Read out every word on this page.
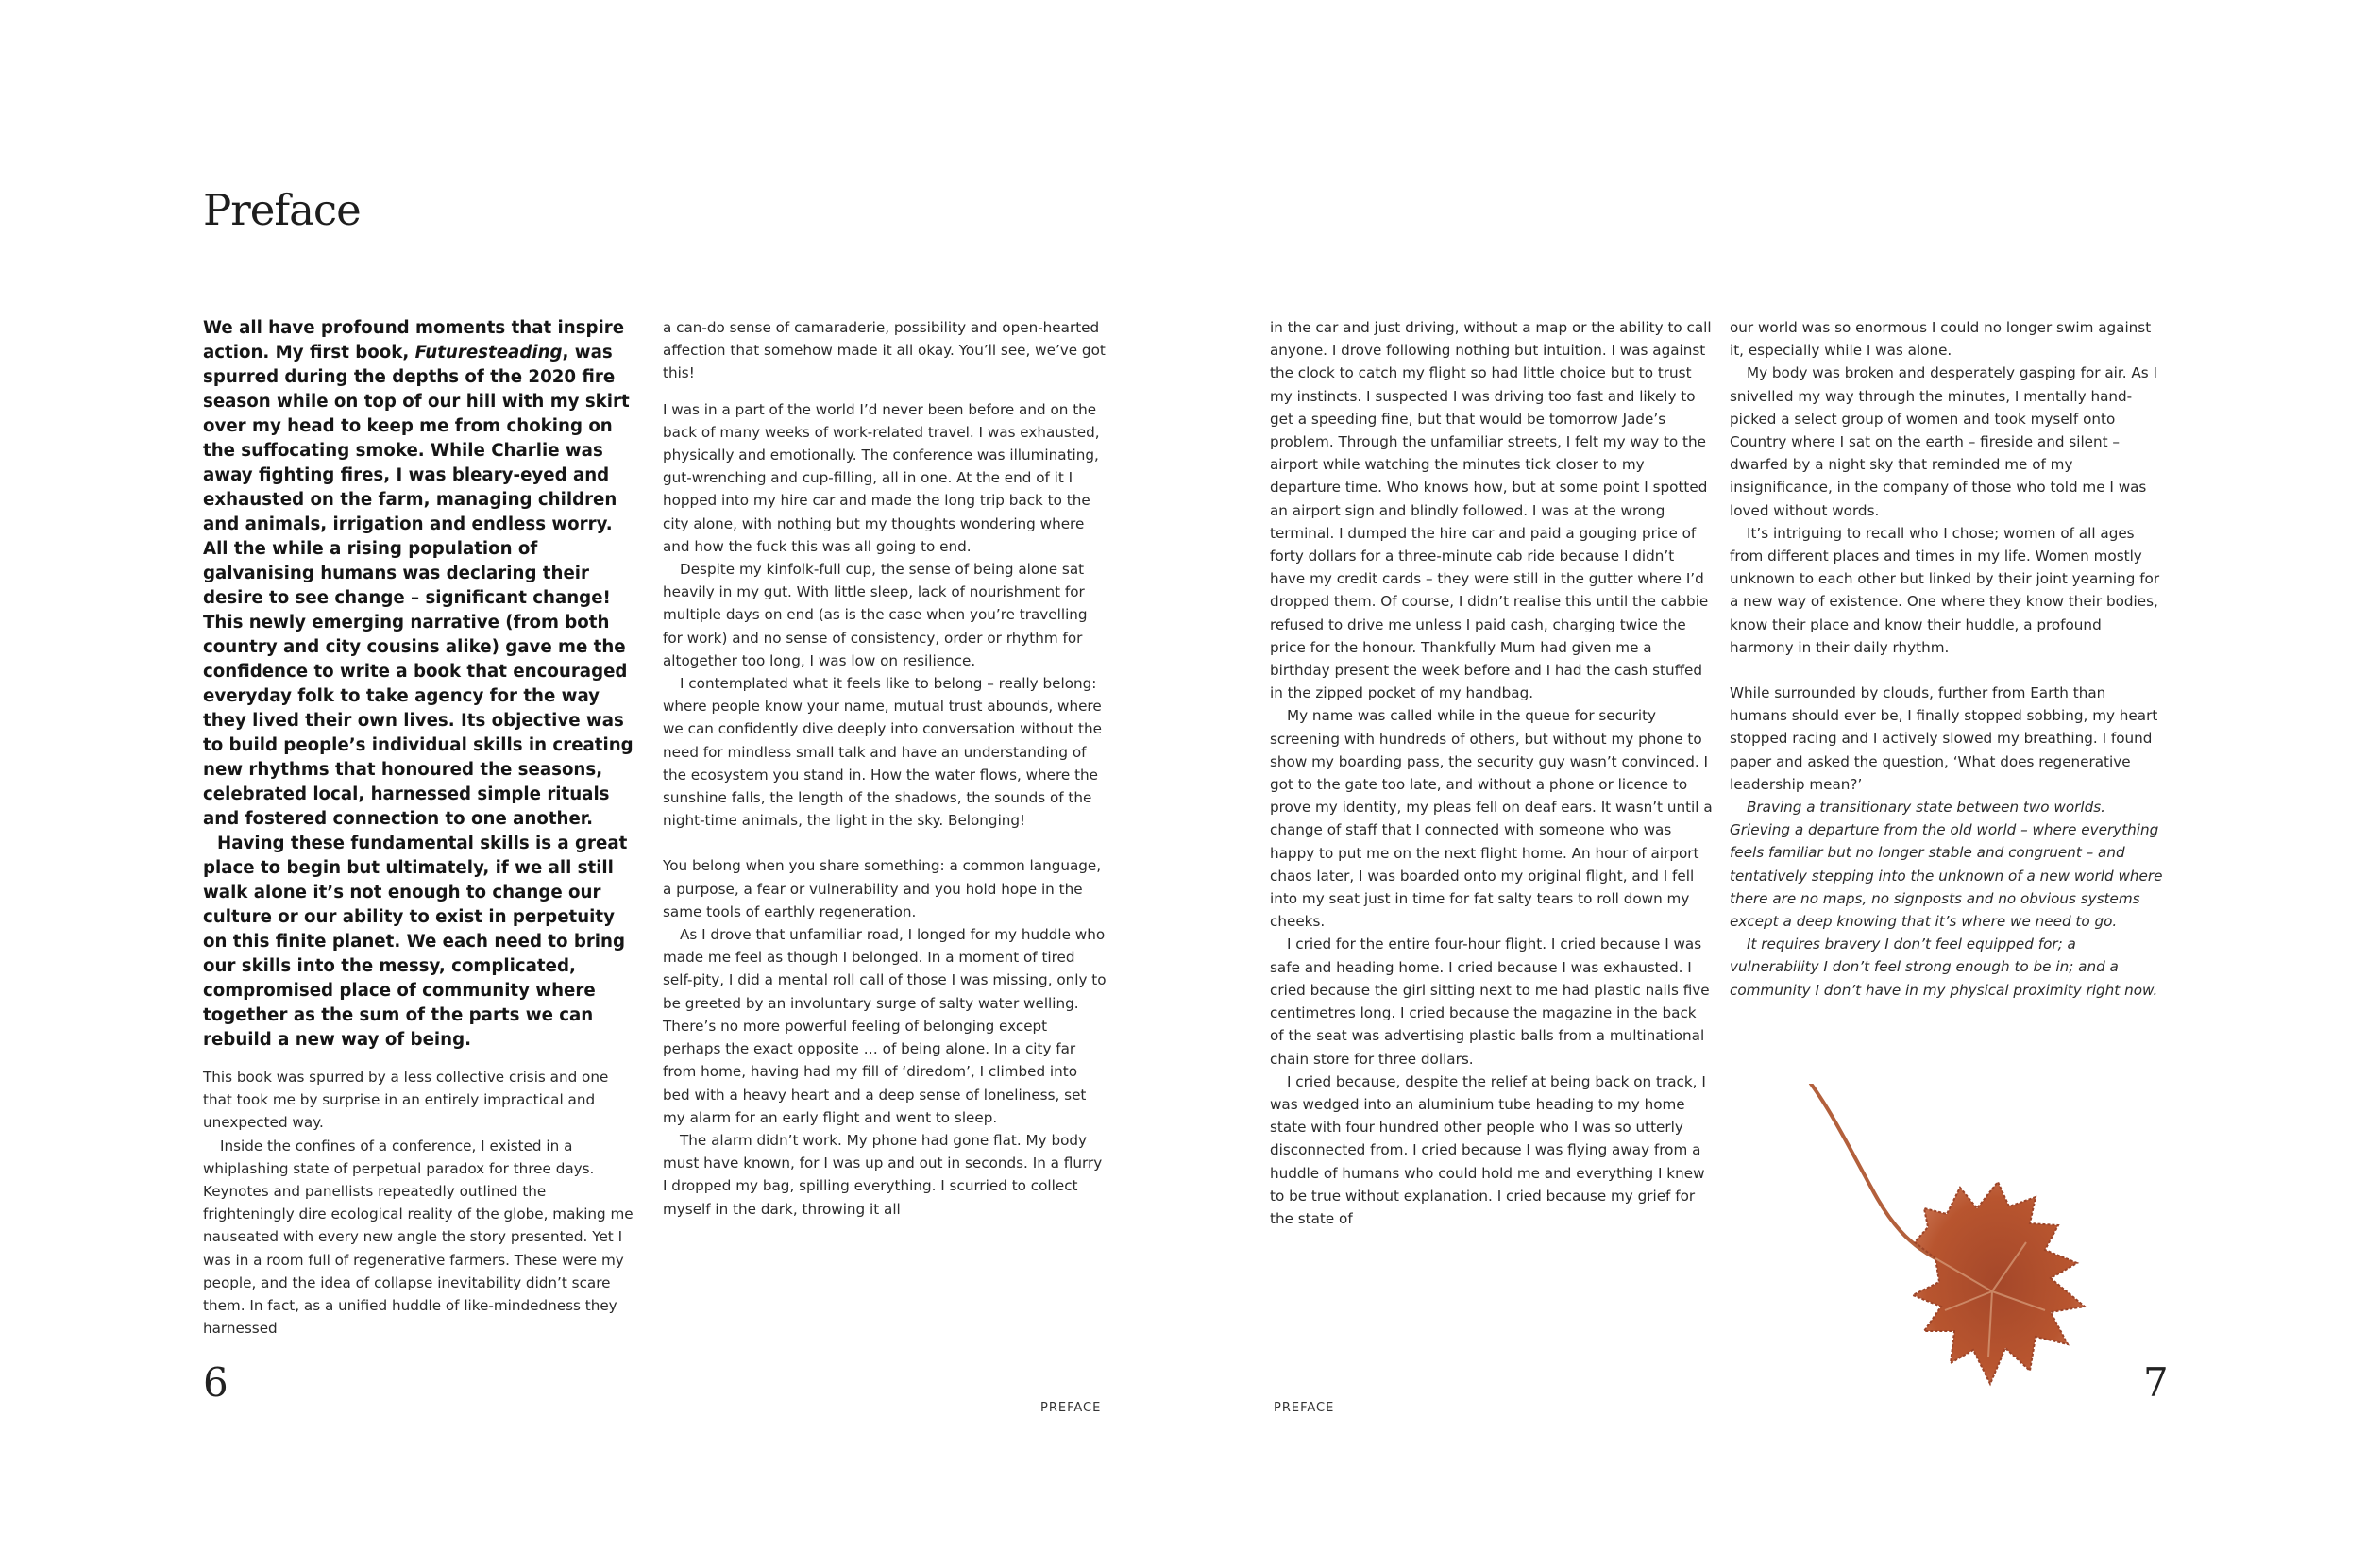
Preface

We all have profound moments that inspire action. My first book, Futuresteading, was spurred during the depths of the 2020 fire season while on top of our hill with my skirt over my head to keep me from choking on the suffocating smoke. While Charlie was away fighting fires, I was bleary-eyed and exhausted on the farm, managing children and animals, irrigation and endless worry. All the while a rising population of galvanising humans was declaring their desire to see change – significant change! This newly emerging narrative (from both country and city cousins alike) gave me the confidence to write a book that encouraged everyday folk to take agency for the way they lived their own lives. Its objective was to build people’s individual skills in creating new rhythms that honoured the seasons, celebrated local, harnessed simple rituals and fostered connection to one another.

Having these fundamental skills is a great place to begin but ultimately, if we all still walk alone it’s not enough to change our culture or our ability to exist in perpetuity on this finite planet. We each need to bring our skills into the messy, complicated, compromised place of community where together as the sum of the parts we can rebuild a new way of being.

This book was spurred by a less collective crisis and one that took me by surprise in an entirely impractical and unexpected way.

Inside the confines of a conference, I existed in a whiplashing state of perpetual paradox for three days. Keynotes and panellists repeatedly outlined the frighteningly dire ecological reality of the globe, making me nauseated with every new angle the story presented. Yet I was in a room full of regenerative farmers. These were my people, and the idea of collapse inevitability didn’t scare them. In fact, as a unified huddle of like-mindedness they harnessed

a can-do sense of camaraderie, possibility and open-hearted affection that somehow made it all okay. You’ll see, we’ve got this!

I was in a part of the world I’d never been before and on the back of many weeks of work-related travel. I was exhausted, physically and emotionally. The conference was illuminating, gut-wrenching and cup-filling, all in one. At the end of it I hopped into my hire car and made the long trip back to the city alone, with nothing but my thoughts wondering where and how the fuck this was all going to end.

Despite my kinfolk-full cup, the sense of being alone sat heavily in my gut. With little sleep, lack of nourishment for multiple days on end (as is the case when you’re travelling for work) and no sense of consistency, order or rhythm for altogether too long, I was low on resilience.

I contemplated what it feels like to belong – really belong: where people know your name, mutual trust abounds, where we can confidently dive deeply into conversation without the need for mindless small talk and have an understanding of the ecosystem you stand in. How the water flows, where the sunshine falls, the length of the shadows, the sounds of the night-time animals, the light in the sky. Belonging!

You belong when you share something: a common language, a purpose, a fear or vulnerability and you hold hope in the same tools of earthly regeneration.

As I drove that unfamiliar road, I longed for my huddle who made me feel as though I belonged. In a moment of tired self-pity, I did a mental roll call of those I was missing, only to be greeted by an involuntary surge of salty water welling. There’s no more powerful feeling of belonging except perhaps the exact opposite … of being alone. In a city far from home, having had my fill of ‘diredom’, I climbed into bed with a heavy heart and a deep sense of loneliness, set my alarm for an early flight and went to sleep.

The alarm didn’t work. My phone had gone flat. My body must have known, for I was up and out in seconds. In a flurry I dropped my bag, spilling everything. I scurried to collect myself in the dark, throwing it all

in the car and just driving, without a map or the ability to call anyone. I drove following nothing but intuition. I was against the clock to catch my flight so had little choice but to trust my instincts. I suspected I was driving too fast and likely to get a speeding fine, but that would be tomorrow Jade’s problem. Through the unfamiliar streets, I felt my way to the airport while watching the minutes tick closer to my departure time. Who knows how, but at some point I spotted an airport sign and blindly followed. I was at the wrong terminal. I dumped the hire car and paid a gouging price of forty dollars for a three-minute cab ride because I didn’t have my credit cards – they were still in the gutter where I’d dropped them. Of course, I didn’t realise this until the cabbie refused to drive me unless I paid cash, charging twice the price for the honour. Thankfully Mum had given me a birthday present the week before and I had the cash stuffed in the zipped pocket of my handbag.

My name was called while in the queue for security screening with hundreds of others, but without my phone to show my boarding pass, the security guy wasn’t convinced. I got to the gate too late, and without a phone or licence to prove my identity, my pleas fell on deaf ears. It wasn’t until a change of staff that I connected with someone who was happy to put me on the next flight home. An hour of airport chaos later, I was boarded onto my original flight, and I fell into my seat just in time for fat salty tears to roll down my cheeks.

I cried for the entire four-hour flight. I cried because I was safe and heading home. I cried because I was exhausted. I cried because the girl sitting next to me had plastic nails five centimetres long. I cried because the magazine in the back of the seat was advertising plastic balls from a multinational chain store for three dollars.

I cried because, despite the relief at being back on track, I was wedged into an aluminium tube heading to my home state with four hundred other people who I was so utterly disconnected from. I cried because I was flying away from a huddle of humans who could hold me and everything I knew to be true without explanation. I cried because my grief for the state of

our world was so enormous I could no longer swim against it, especially while I was alone.

My body was broken and desperately gasping for air. As I snivelled my way through the minutes, I mentally hand-picked a select group of women and took myself onto Country where I sat on the earth – fireside and silent – dwarfed by a night sky that reminded me of my insignificance, in the company of those who told me I was loved without words.

It’s intriguing to recall who I chose; women of all ages from different places and times in my life. Women mostly unknown to each other but linked by their joint yearning for a new way of existence. One where they know their bodies, know their place and know their huddle, a profound harmony in their daily rhythm.

While surrounded by clouds, further from Earth than humans should ever be, I finally stopped sobbing, my heart stopped racing and I actively slowed my breathing. I found paper and asked the question, ‘What does regenerative leadership mean?’

Braving a transitionary state between two worlds. Grieving a departure from the old world – where everything feels familiar but no longer stable and congruent – and tentatively stepping into the unknown of a new world where there are no maps, no signposts and no obvious systems except a deep knowing that it’s where we need to go.

It requires bravery I don’t feel equipped for; a vulnerability I don’t feel strong enough to be in; and a community I don’t have in my physical proximity right now.

6
PREFACE	PREFACE
7
